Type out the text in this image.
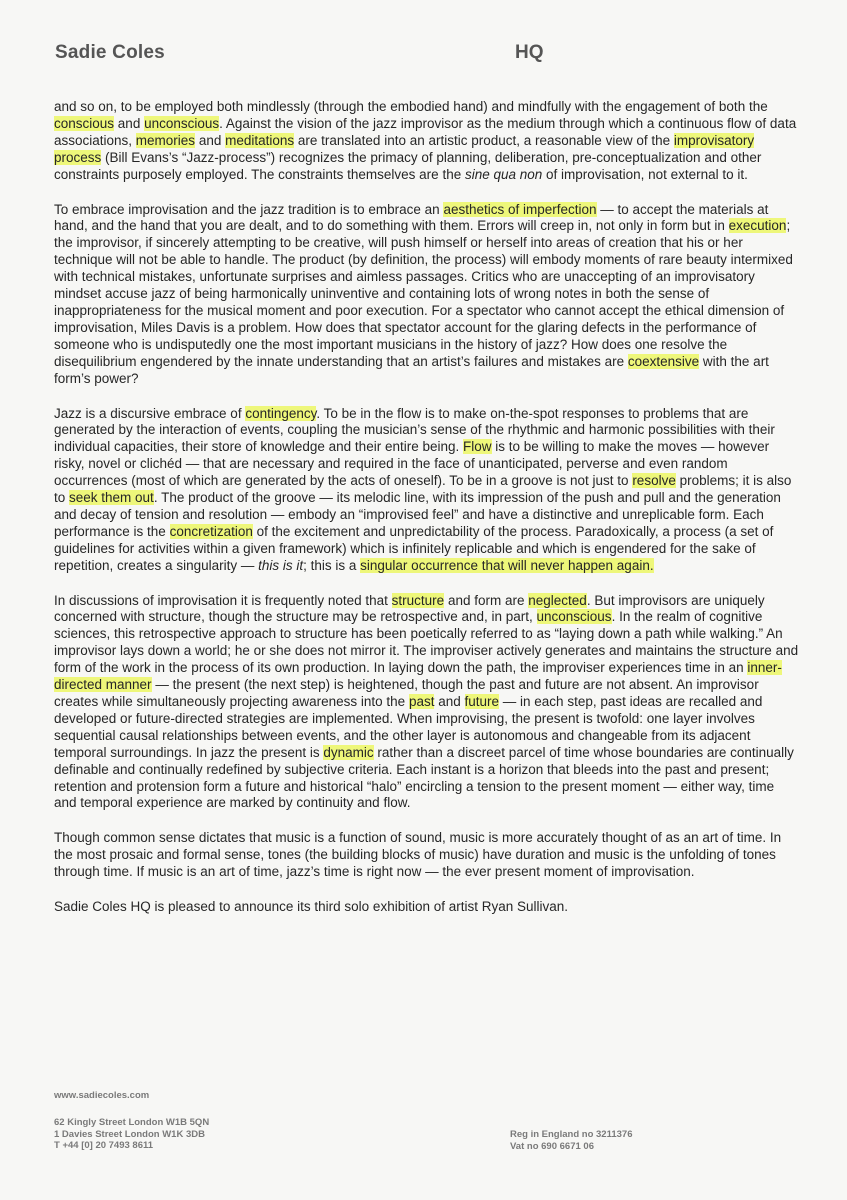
Sadie Coles	HQ

and so on, to be employed both mindlessly (through the embodied hand) and mindfully with the engagement of both the conscious and unconscious. Against the vision of the jazz improvisor as the medium through which a continuous flow of data associations, memories and meditations are translated into an artistic product, a reasonable view of the improvisatory process (Bill Evans’s “Jazz-process”) recognizes the primacy of planning, deliberation, pre-conceptualization and other constraints purposely employed. The constraints themselves are the sine qua non of improvisation, not external to it.

To embrace improvisation and the jazz tradition is to embrace an aesthetics of imperfection — to accept the materials at hand, and the hand that you are dealt, and to do something with them. Errors will creep in, not only in form but in execution; the improvisor, if sincerely attempting to be creative, will push himself or herself into areas of creation that his or her technique will not be able to handle. The product (by definition, the process) will embody moments of rare beauty intermixed with technical mistakes, unfortunate surprises and aimless passages. Critics who are unaccepting of an improvisatory mindset accuse jazz of being harmonically uninventive and containing lots of wrong notes in both the sense of inappropriateness for the musical moment and poor execution. For a spectator who cannot accept the ethical dimension of improvisation, Miles Davis is a problem. How does that spectator account for the glaring defects in the performance of someone who is undisputedly one the most important musicians in the history of jazz? How does one resolve the disequilibrium engendered by the innate understanding that an artist’s failures and mistakes are coextensive with the art form’s power?

Jazz is a discursive embrace of contingency. To be in the flow is to make on-the-spot responses to problems that are generated by the interaction of events, coupling the musician’s sense of the rhythmic and harmonic possibilities with their individual capacities, their store of knowledge and their entire being. Flow is to be willing to make the moves — however risky, novel or clichéd — that are necessary and required in the face of unanticipated, perverse and even random occurrences (most of which are generated by the acts of oneself). To be in a groove is not just to resolve problems; it is also to seek them out. The product of the groove — its melodic line, with its impression of the push and pull and the generation and decay of tension and resolution — embody an “improvised feel” and have a distinctive and unreplicable form. Each performance is the concretization of the excitement and unpredictability of the process. Paradoxically, a process (a set of guidelines for activities within a given framework) which is infinitely replicable and which is engendered for the sake of repetition, creates a singularity — this is it; this is a singular occurrence that will never happen again.

In discussions of improvisation it is frequently noted that structure and form are neglected. But improvisors are uniquely concerned with structure, though the structure may be retrospective and, in part, unconscious. In the realm of cognitive sciences, this retrospective approach to structure has been poetically referred to as “laying down a path while walking.” An improvisor lays down a world; he or she does not mirror it. The improviser actively generates and maintains the structure and form of the work in the process of its own production. In laying down the path, the improviser experiences time in an inner-directed manner — the present (the next step) is heightened, though the past and future are not absent. An improvisor creates while simultaneously projecting awareness into the past and future — in each step, past ideas are recalled and developed or future-directed strategies are implemented. When improvising, the present is twofold: one layer involves sequential causal relationships between events, and the other layer is autonomous and changeable from its adjacent temporal surroundings. In jazz the present is dynamic rather than a discreet parcel of time whose boundaries are continually definable and continually redefined by subjective criteria. Each instant is a horizon that bleeds into the past and present; retention and protension form a future and historical “halo” encircling a tension to the present moment — either way, time and temporal experience are marked by continuity and flow.

Though common sense dictates that music is a function of sound, music is more accurately thought of as an art of time. In the most prosaic and formal sense, tones (the building blocks of music) have duration and music is the unfolding of tones through time. If music is an art of time, jazz’s time is right now — the ever present moment of improvisation.

Sadie Coles HQ is pleased to announce its third solo exhibition of artist Ryan Sullivan.

www.sadiecoles.com
62 Kingly Street London W1B 5QN
1 Davies Street London W1K 3DB
T +44 [0] 20 7493 8611
Reg in England no 3211376
Vat no 690 6671 06
